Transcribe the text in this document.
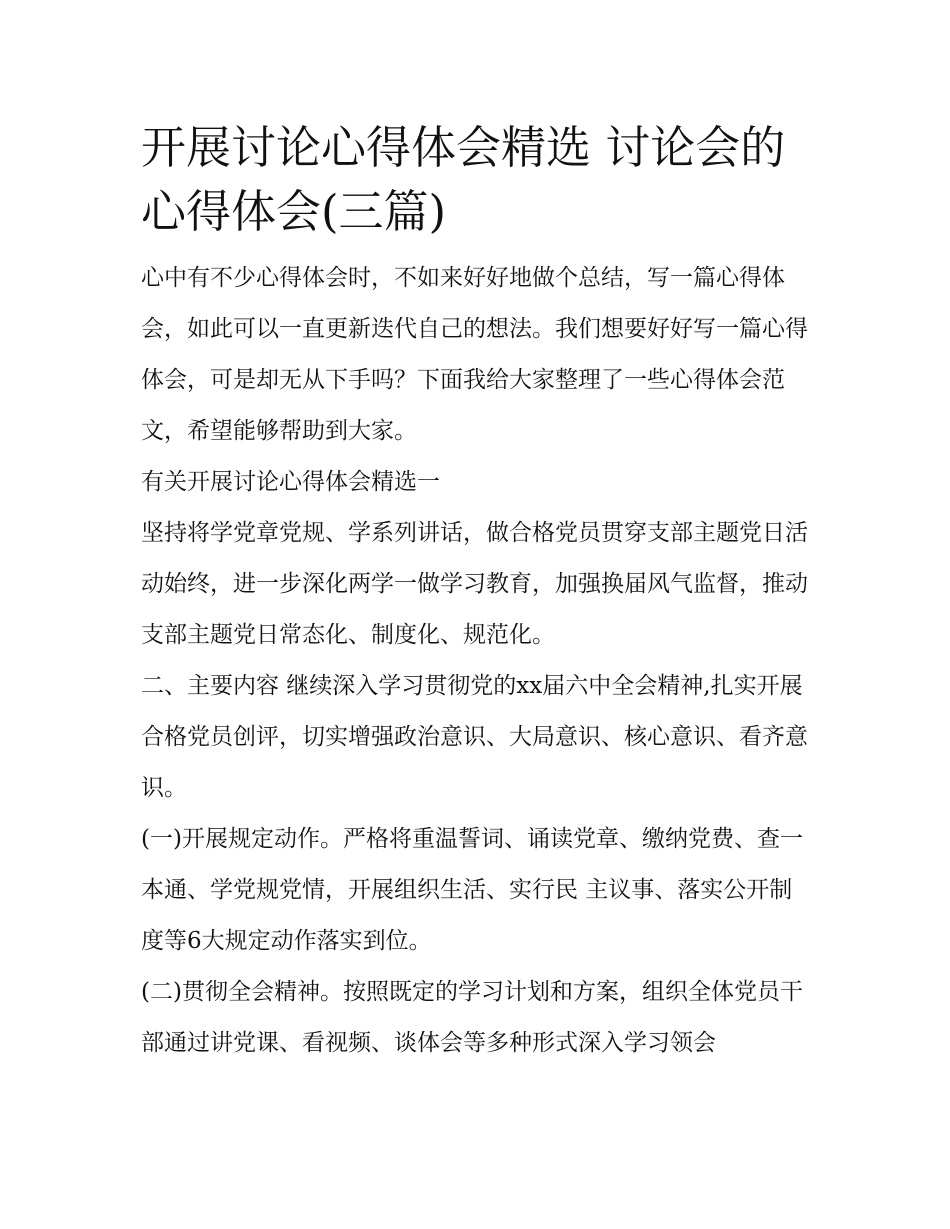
开展讨论心得体会精选 讨论会的心得体会(三篇)

心中有不少心得体会时，不如来好好地做个总结，写一篇心得体会，如此可以一直更新迭代自己的想法。我们想要好好写一篇心得体会，可是却无从下手吗？下面我给大家整理了一些心得体会范文，希望能够帮助到大家。

有关开展讨论心得体会精选一

坚持将学党章党规、学系列讲话，做合格党员贯穿支部主题党日活动始终，进一步深化两学一做学习教育，加强换届风气监督，推动支部主题党日常态化、制度化、规范化。

二、主要内容 继续深入学习贯彻党的xx届六中全会精神,扎实开展合格党员创评，切实增强政治意识、大局意识、核心意识、看齐意识。

(一)开展规定动作。严格将重温誓词、诵读党章、缴纳党费、查一本通、学党规党情，开展组织生活、实行民 主议事、落实公开制度等6大规定动作落实到位。

(二)贯彻全会精神。按照既定的学习计划和方案，组织全体党员干部通过讲党课、看视频、谈体会等多种形式深入学习领会
